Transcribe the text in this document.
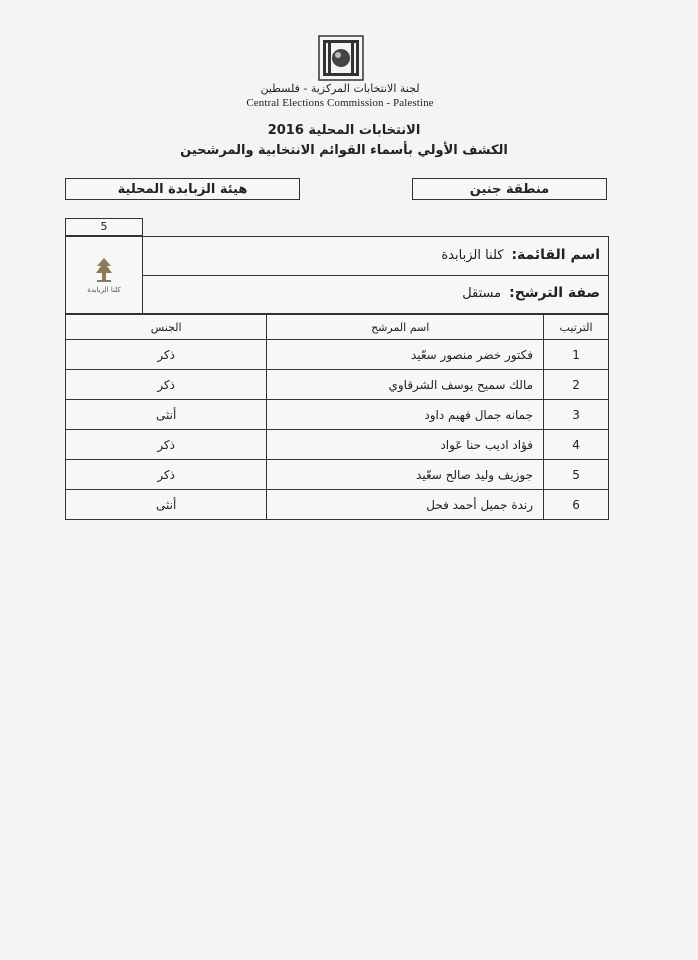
لجنة الانتخابات المركزية - فلسطين
Central Elections Commission - Palestine
الانتخابات المحلية 2016
الكشف الأولي بأسماء القوائم الانتخابية والمرشحين
هيئة الزبابدة المحلية	منطقة جنين
5
كلنا الزبابدة
اسم القائمة:
كلنا الزبابدة
صفة الترشح:
مستقل
الترتيب	اسم المرشح	الجنس
1	فكتور خضر منصور سعّيد	ذكر
2	مالك سميح يوسف الشرقاوي	ذكر
3	جمانه جمال فهيم داود	أنثى
4	فؤاد اديب حنا عَواد	ذكر
5	جوزيف وليد صالح سعّيد	ذكر
6	رندة جميل أحمد فحل	أنثى
